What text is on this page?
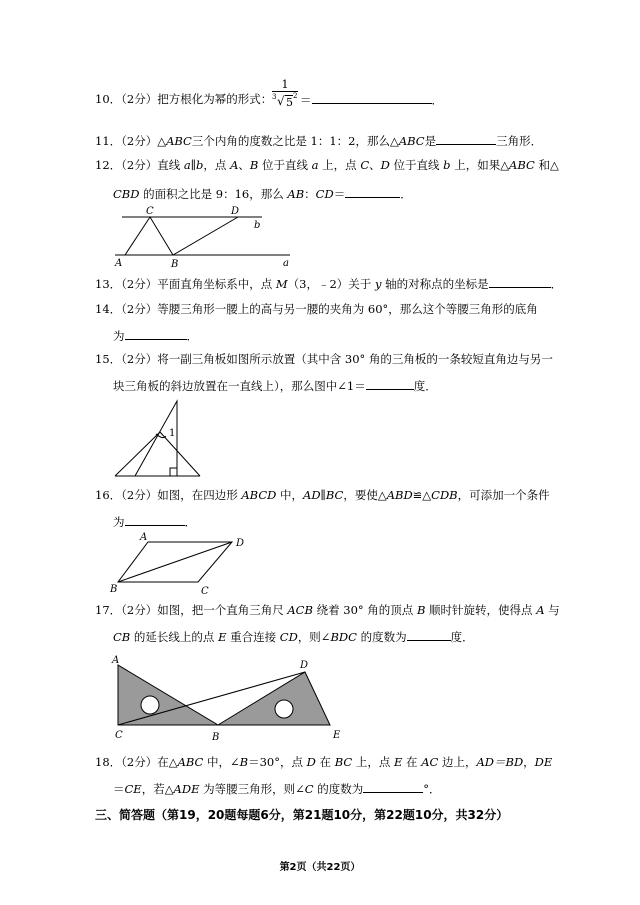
10．（2分）把方根化为幂的形式： $\frac{1}{3 √ 5 2}$
＝	．
11．（2分）△ABC三个内角的度数之比是 1：1：2，那么△ABC是	三角形．
12．（2分）直线 a∥b，点 A、B 位于直线 a 上，点 C、D 位于直线 b 上，如果△ABC 和△
CBD 的面积之比是 9：16，那么 AB：CD＝	．
C	D
b
A	B	a
13．（2分）平面直角坐标系中，点 M（3，﹣2）关于 y 轴的对称点的坐标是	．
14．（2分）等腰三角形一腰上的高与另一腰的夹角为 60°，那么这个等腰三角形的底角
为	．
15．（2分）将一副三角板如图所示放置（其中含 30° 角的三角板的一条较短直角边与另一
块三角板的斜边放置在一直线上），那么图中∠1＝	度．
1
16．（2分）如图，在四边形 ABCD 中，AD∥BC，要使△ABD≌△CDB，可添加一个条件
为	．
A
D
B	C
17．（2分）如图，把一个直角三角尺 ACB 绕着 30° 角的顶点 B 顺时针旋转，使得点 A 与
CB 的延长线上的点 E 重合连接 CD，则∠BDC 的度数为	度．
A
C	B
D
E
18．（2分）在△ABC 中，∠B＝30°，点 D 在 BC 上，点 E 在 AC 边上，AD＝BD，DE
＝CE，若△ADE 为等腰三角形，则∠C 的度数为	°．
三、简答题（第19，20题每题6分，第21题10分，第22题10分，共32分）
第2页（共22页）
